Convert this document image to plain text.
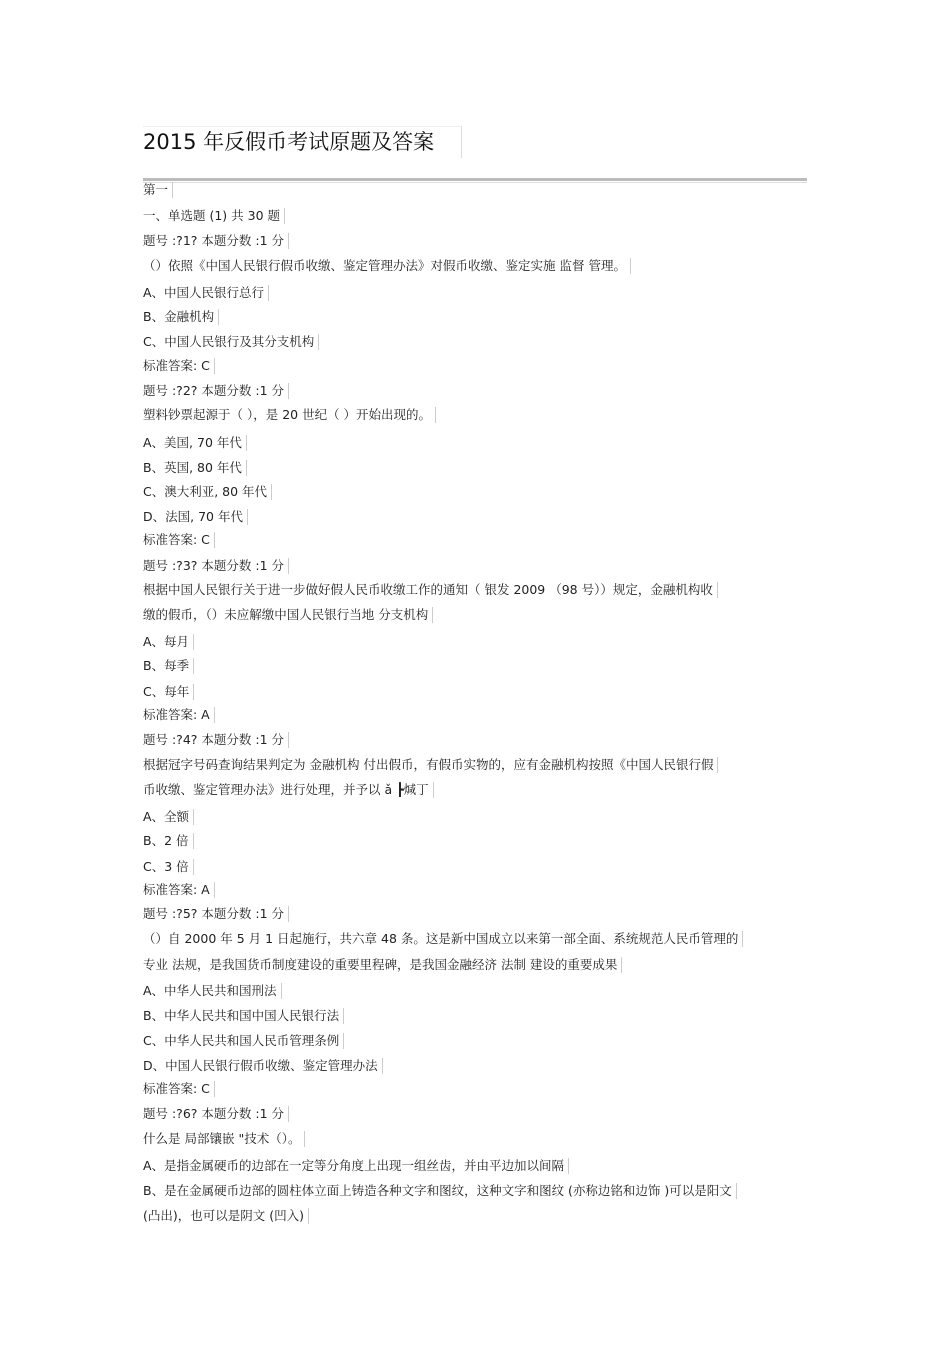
2015 年反假币考试原题及答案
第一
一、单选题 (1) 共 30 题
题号 :?1? 本题分数 :1 分
（）依照《中国人民银行假币收缴、鉴定管理办法》对假币收缴、鉴定实施 监督 管理。
A、中国人民银行总行
B、金融机构
C、中国人民银行及其分支机构
标准答案: C
题号 :?2? 本题分数 :1 分
塑料钞票起源于（ ），是 20 世纪（ ）开始出现的。
A、美国, 70 年代
B、英国, 80 年代
C、澳大利亚, 80 年代
D、法国, 70 年代
标准答案: C
题号 :?3? 本题分数 :1 分
根据中国人民银行关于进一步做好假人民币收缴工作的通知（ 银发 2009 （98 号））规定，金融机构收
缴的假币，（）未应解缴中国人民银行当地 分支机构
A、每月
B、每季
C、每年
标准答案: A
题号 :?4? 本题分数 :1 分
根据冠字号码查询结果判定为 金融机构 付出假币，有假币实物的，应有金融机构按照《中国人民银行假
币收缴、鉴定管理办法》进行处理，并予以 ǎ ┣煘丁
A、全额
B、2 倍
C、3 倍
标准答案: A
题号 :?5? 本题分数 :1 分
（）自 2000 年 5 月 1 日起施行，共六章 48 条。这是新中国成立以来第一部全面、系统规范人民币管理的
专业 法规，是我国货币制度建设的重要里程碑，是我国金融经济 法制 建设的重要成果
A、中华人民共和国刑法
B、中华人民共和国中国人民银行法
C、中华人民共和国人民币管理条例
D、中国人民银行假币收缴、鉴定管理办法
标准答案: C
题号 :?6? 本题分数 :1 分
什么是 局部镶嵌 "技术（）。
A、是指金属硬币的边部在一定等分角度上出现一组丝齿，并由平边加以间隔
B、是在金属硬币边部的圆柱体立面上铸造各种文字和图纹，这种文字和图纹 (亦称边铭和边饰 )可以是阳文
(凸出)，也可以是阴文 (凹入)
